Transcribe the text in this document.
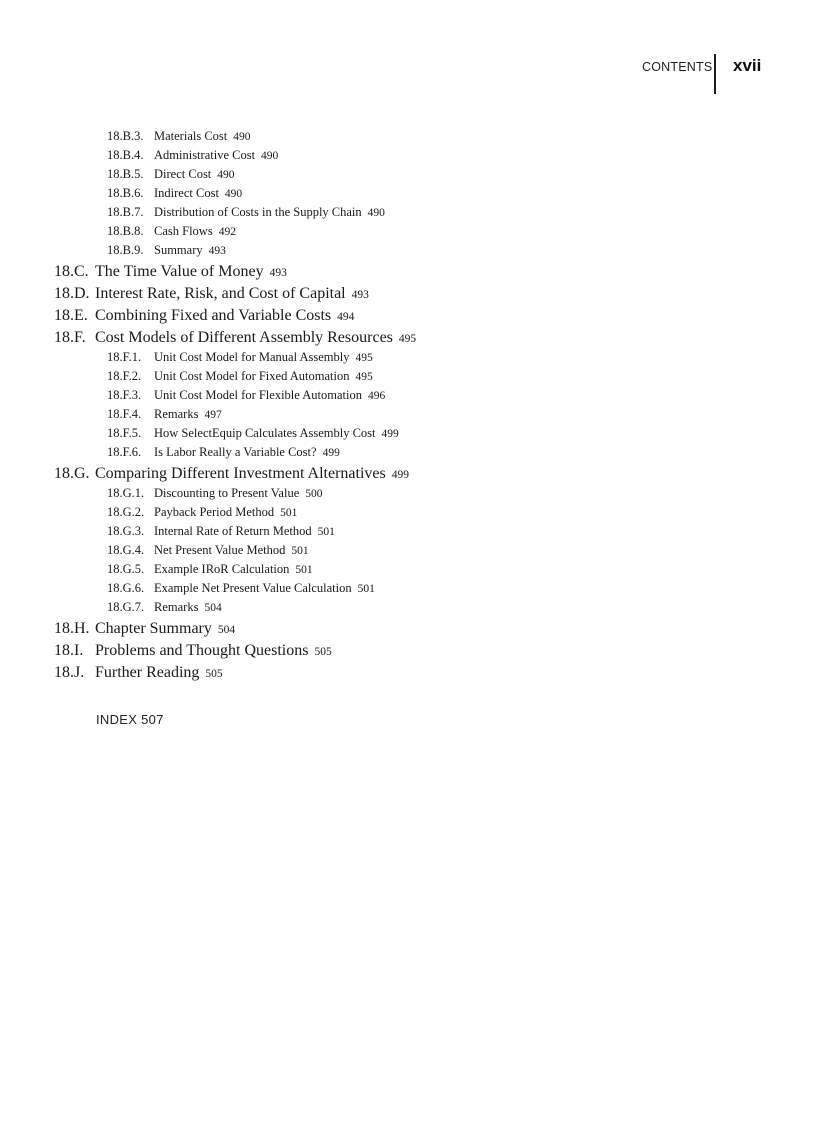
CONTENTS xvii
18.B.3. Materials Cost 490
18.B.4. Administrative Cost 490
18.B.5. Direct Cost 490
18.B.6. Indirect Cost 490
18.B.7. Distribution of Costs in the Supply Chain 490
18.B.8. Cash Flows 492
18.B.9. Summary 493
18.C. The Time Value of Money 493
18.D. Interest Rate, Risk, and Cost of Capital 493
18.E. Combining Fixed and Variable Costs 494
18.F. Cost Models of Different Assembly Resources 495
18.F.1. Unit Cost Model for Manual Assembly 495
18.F.2. Unit Cost Model for Fixed Automation 495
18.F.3. Unit Cost Model for Flexible Automation 496
18.F.4. Remarks 497
18.F.5. How SelectEquip Calculates Assembly Cost 499
18.F.6. Is Labor Really a Variable Cost? 499
18.G. Comparing Different Investment Alternatives 499
18.G.1. Discounting to Present Value 500
18.G.2. Payback Period Method 501
18.G.3. Internal Rate of Return Method 501
18.G.4. Net Present Value Method 501
18.G.5. Example IRoR Calculation 501
18.G.6. Example Net Present Value Calculation 501
18.G.7. Remarks 504
18.H. Chapter Summary 504
18.I. Problems and Thought Questions 505
18.J. Further Reading 505
INDEX 507
